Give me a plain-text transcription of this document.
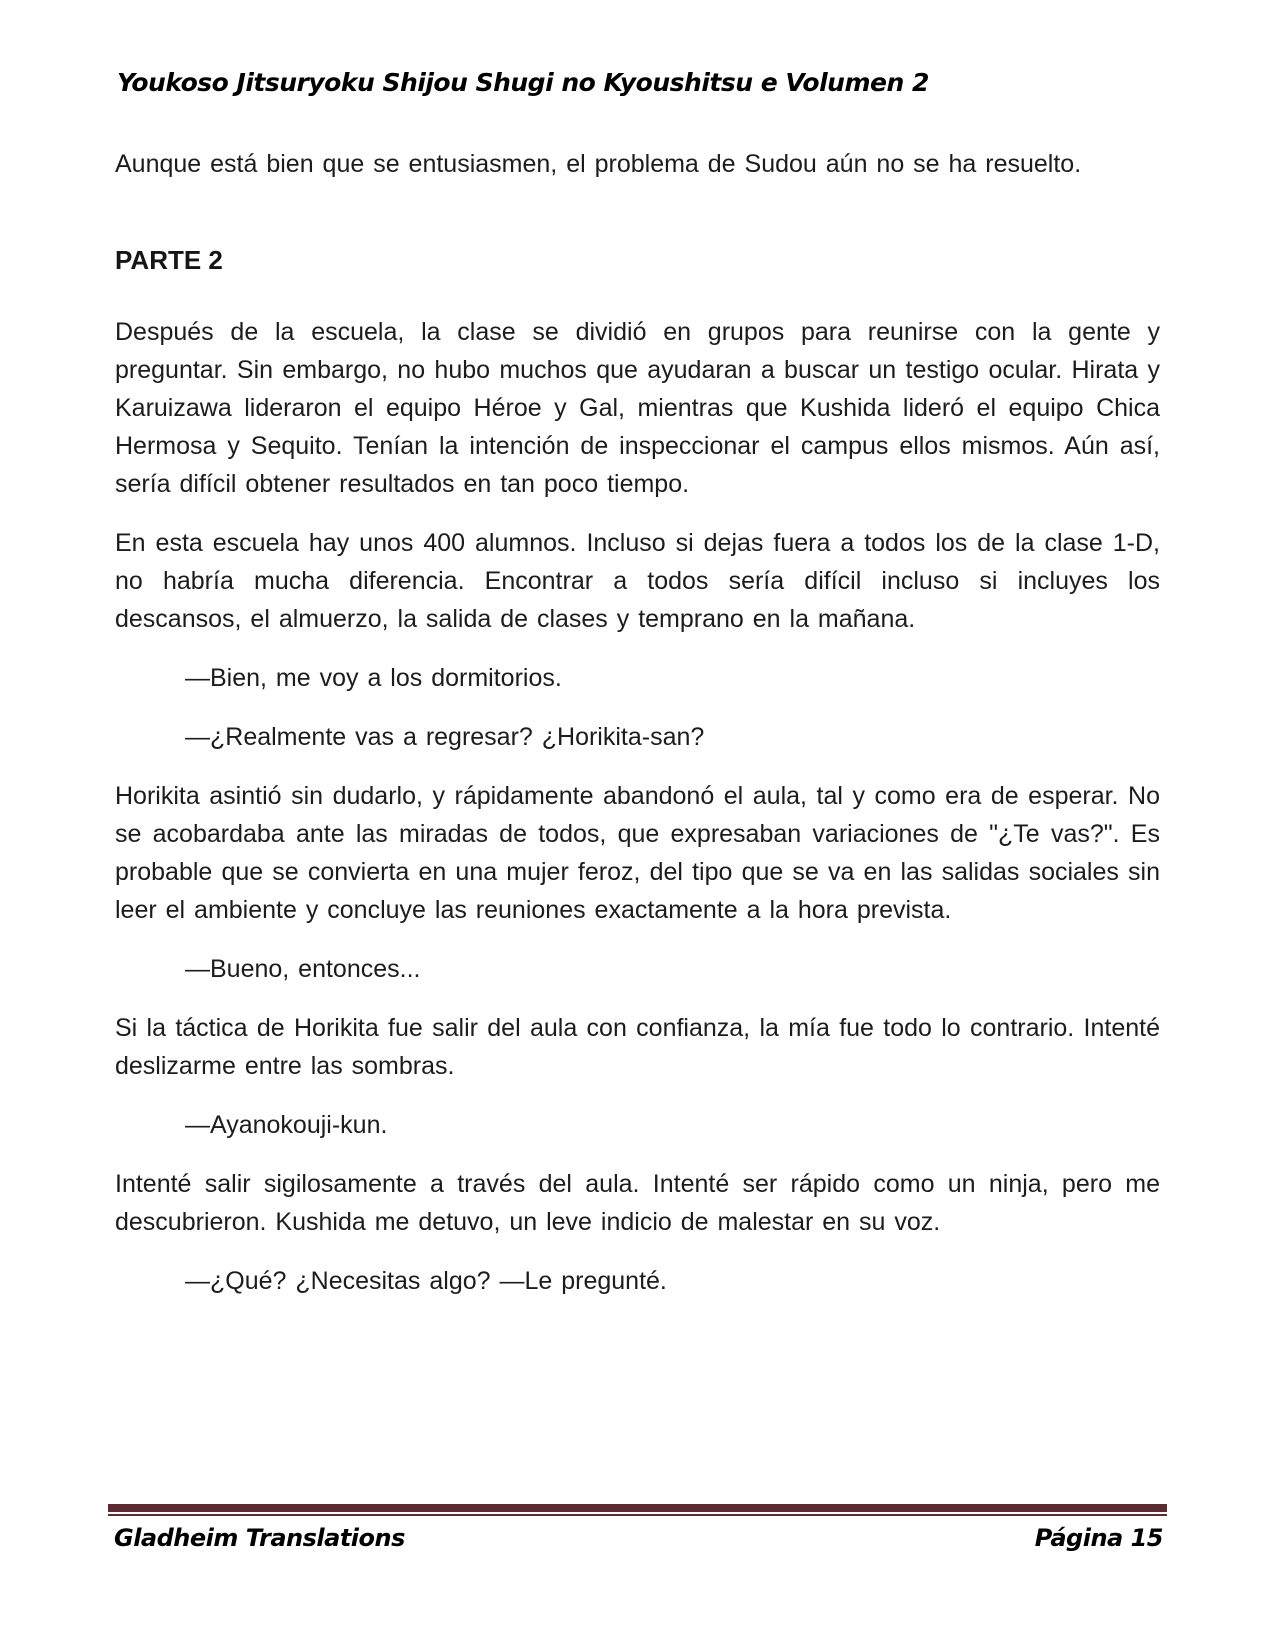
Youkoso Jitsuryoku Shijou Shugi no Kyoushitsu e Volumen 2

Aunque está bien que se entusiasmen, el problema de Sudou aún no se ha resuelto.

PARTE 2

Después de la escuela, la clase se dividió en grupos para reunirse con la gente y preguntar. Sin embargo, no hubo muchos que ayudaran a buscar un testigo ocular. Hirata y Karuizawa lideraron el equipo Héroe y Gal, mientras que Kushida lideró el equipo Chica Hermosa y Sequito. Tenían la intención de inspeccionar el campus ellos mismos. Aún así, sería difícil obtener resultados en tan poco tiempo.

En esta escuela hay unos 400 alumnos. Incluso si dejas fuera a todos los de la clase 1-D, no habría mucha diferencia. Encontrar a todos sería difícil incluso si incluyes los descansos, el almuerzo, la salida de clases y temprano en la mañana.

—Bien, me voy a los dormitorios.

—¿Realmente vas a regresar? ¿Horikita-san?

Horikita asintió sin dudarlo, y rápidamente abandonó el aula, tal y como era de esperar. No se acobardaba ante las miradas de todos, que expresaban variaciones de "¿Te vas?". Es probable que se convierta en una mujer feroz, del tipo que se va en las salidas sociales sin leer el ambiente y concluye las reuniones exactamente a la hora prevista.

—Bueno, entonces...

Si la táctica de Horikita fue salir del aula con confianza, la mía fue todo lo contrario. Intenté deslizarme entre las sombras.

—Ayanokouji-kun.

Intenté salir sigilosamente a través del aula. Intenté ser rápido como un ninja, pero me descubrieron. Kushida me detuvo, un leve indicio de malestar en su voz.

—¿Qué? ¿Necesitas algo? —Le pregunté.

Gladheim Translations	Página 15
